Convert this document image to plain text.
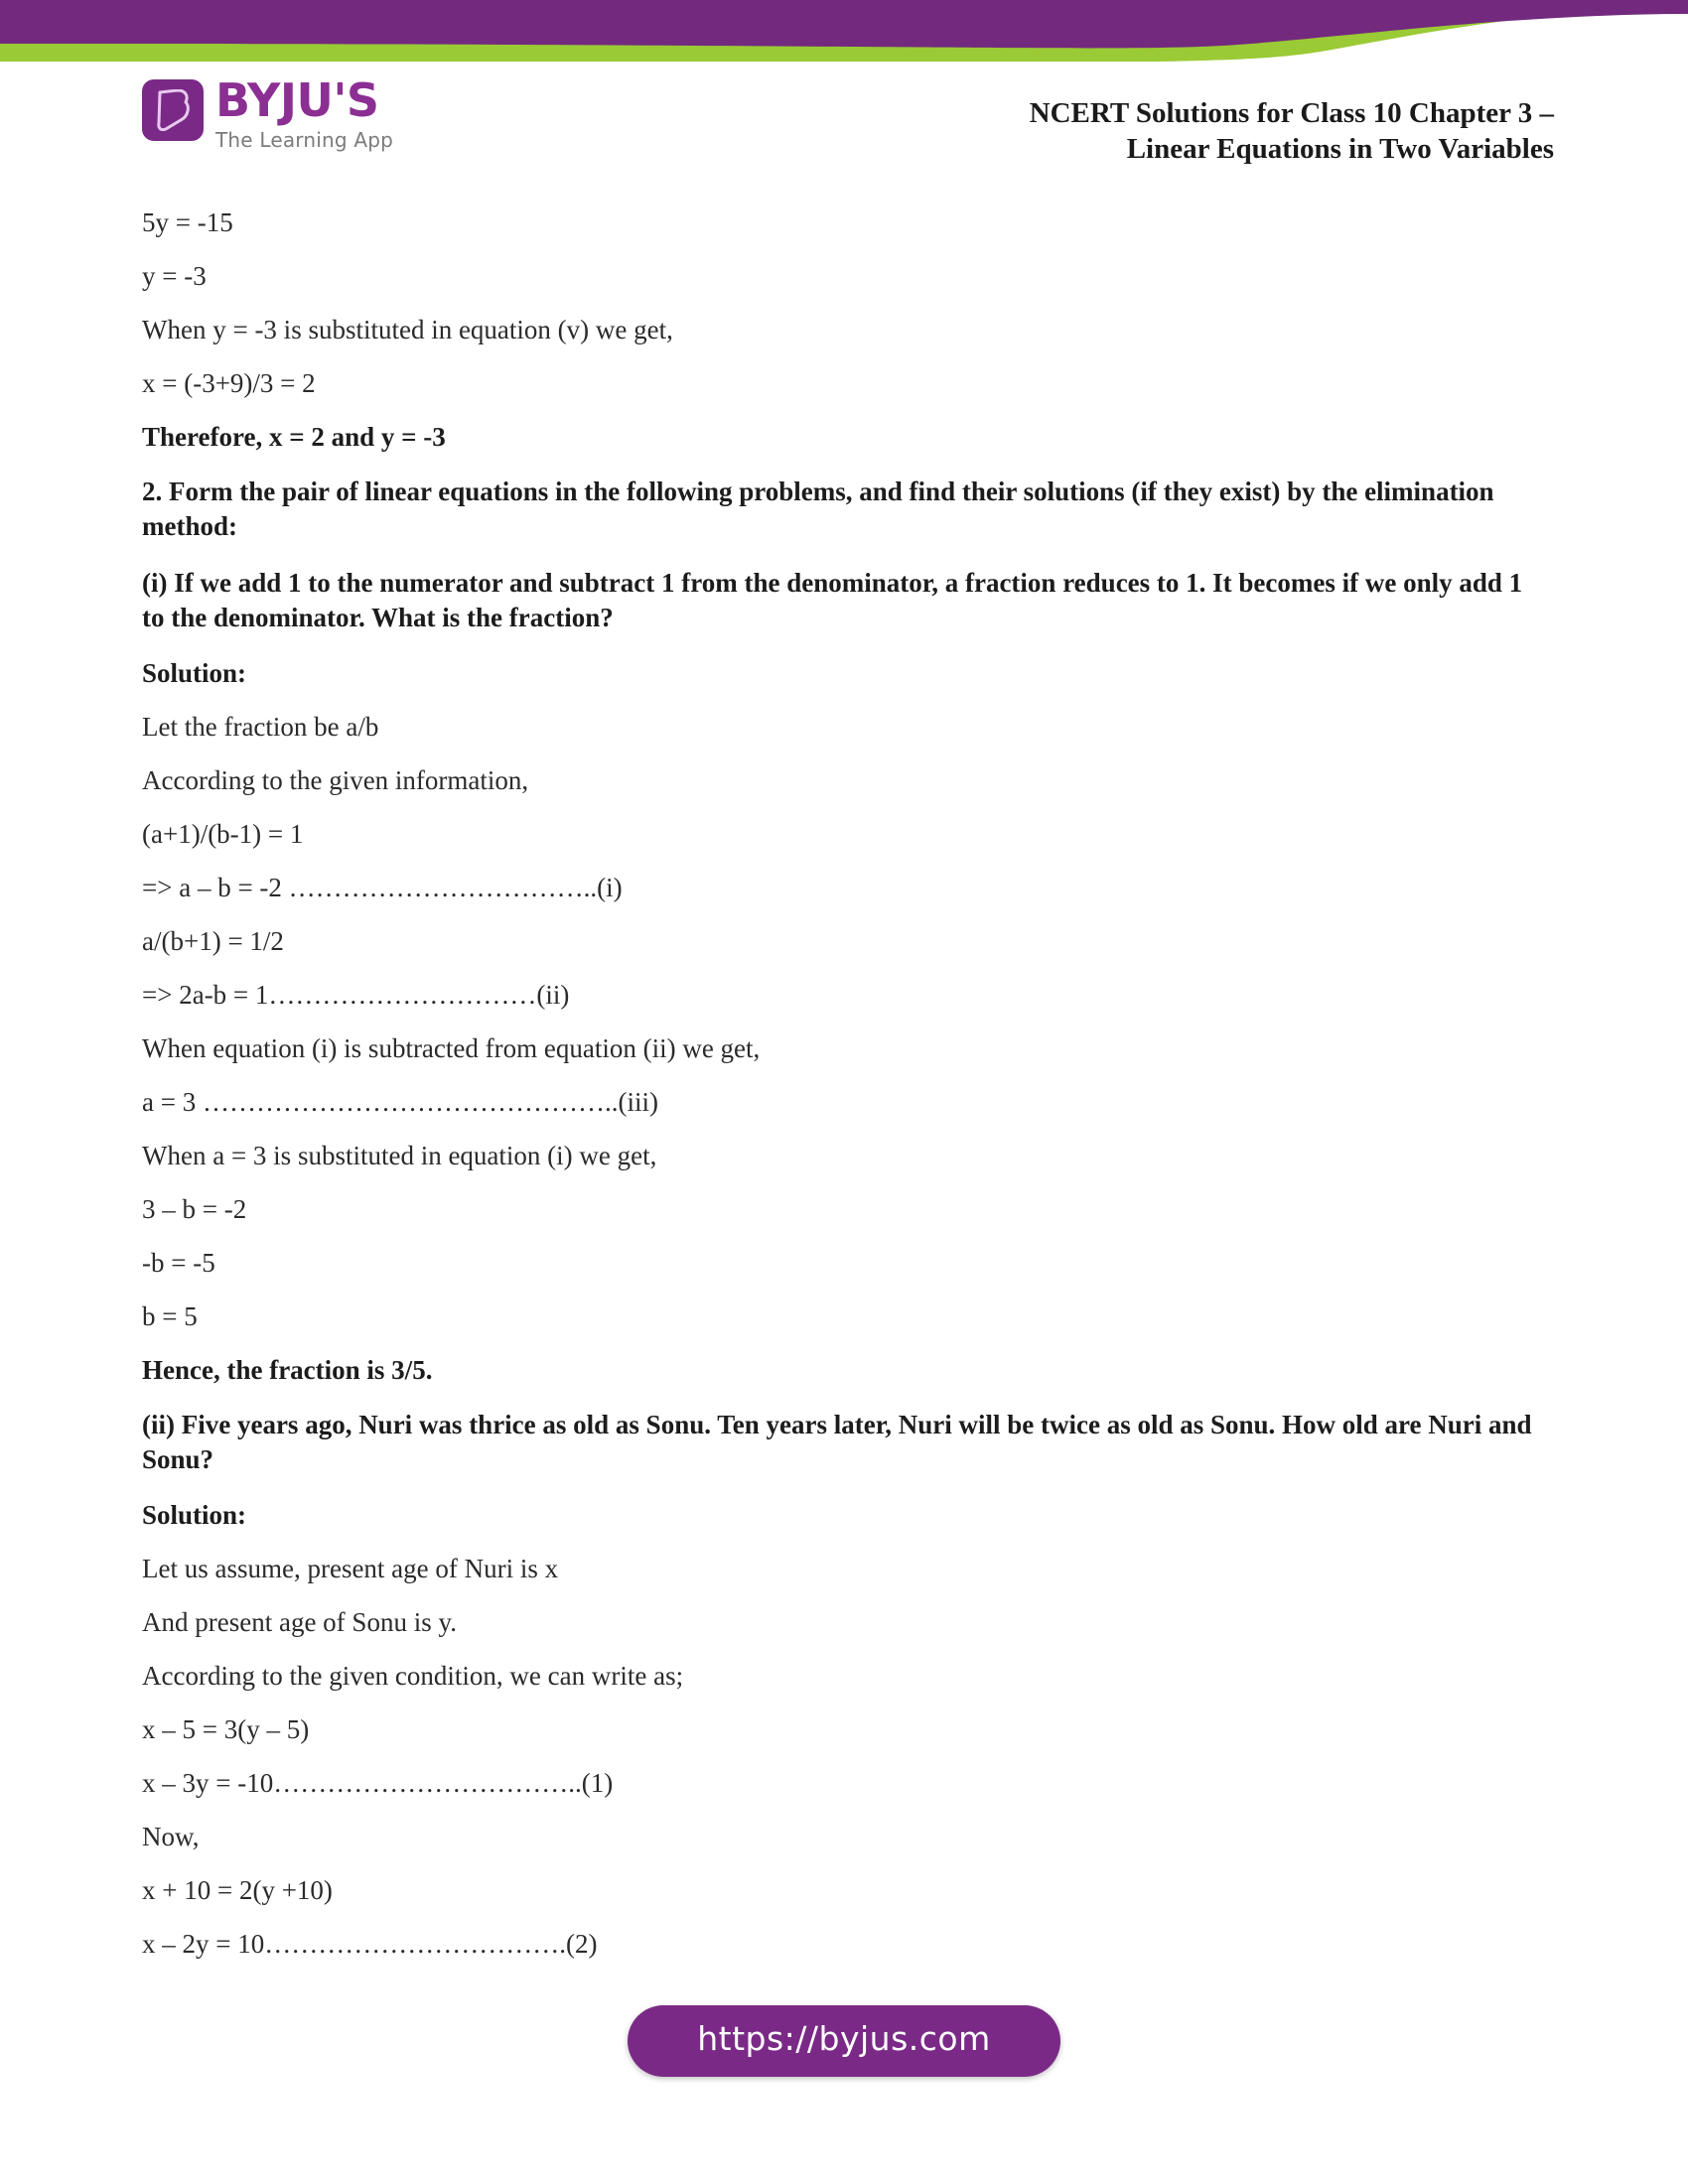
BYJU'S
The Learning App
NCERT Solutions for Class 10 Chapter 3 –
Linear Equations in Two Variables

5y = -15

y = -3

When y = -3 is substituted in equation (v) we get,

x = (-3+9)/3 = 2

Therefore, x = 2 and y = -3

2. Form the pair of linear equations in the following problems, and find their solutions (if they exist) by the elimination method:

(i) If we add 1 to the numerator and subtract 1 from the denominator, a fraction reduces to 1. It becomes if we only add 1 to the denominator. What is the fraction?

Solution:

Let the fraction be a/b

According to the given information,

(a+1)/(b-1) = 1

=> a – b = -2 ……………………………..(i)

a/(b+1) = 1/2

=> 2a-b = 1…………………………(ii)

When equation (i) is subtracted from equation (ii) we get,

a = 3 ………………………………………..(iii)

When a = 3 is substituted in equation (i) we get,

3 – b = -2

-b = -5

b = 5

Hence, the fraction is 3/5.

(ii) Five years ago, Nuri was thrice as old as Sonu. Ten years later, Nuri will be twice as old as Sonu. How old are Nuri and Sonu?

Solution:

Let us assume, present age of Nuri is x

And present age of Sonu is y.

According to the given condition, we can write as;

x – 5 = 3(y – 5)

x – 3y = -10……………………………..(1)

Now,

x + 10 = 2(y +10)

x – 2y = 10…………………………….(2)

https://byjus.com
